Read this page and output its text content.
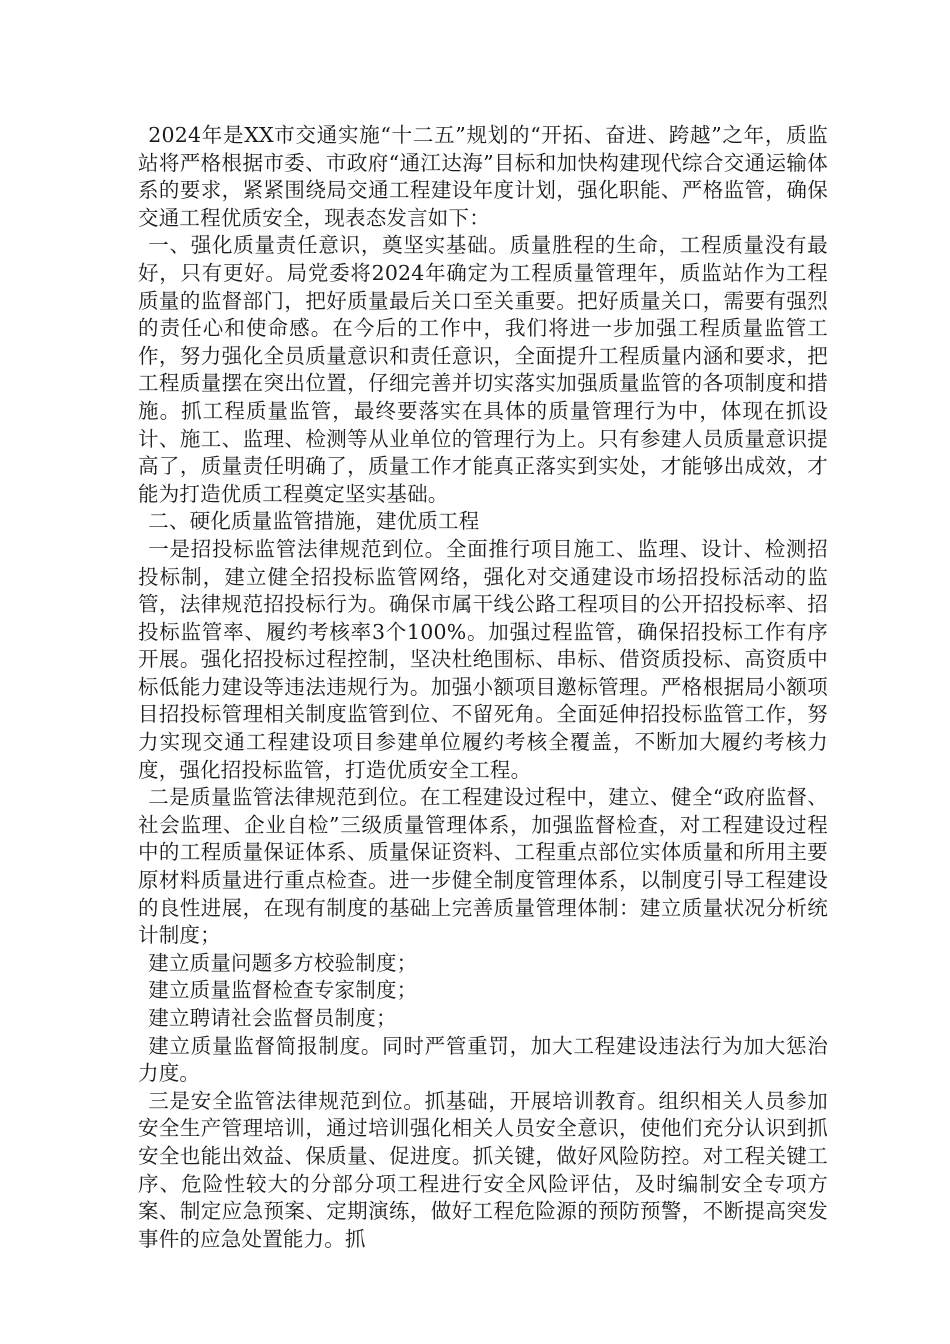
2024年是XX市交通实施“十二五”规划的“开拓、奋进、跨越”之年，质监站将严格根据市委、市政府“通江达海”目标和加快构建现代综合交通运输体系的要求，紧紧围绕局交通工程建设年度计划，强化职能、严格监管，确保交通工程优质安全，现表态发言如下：

一、强化质量责任意识，奠坚实基础。质量胜程的生命，工程质量没有最好，只有更好。局党委将2024年确定为工程质量管理年，质监站作为工程质量的监督部门，把好质量最后关口至关重要。把好质量关口，需要有强烈的责任心和使命感。在今后的工作中，我们将进一步加强工程质量监管工作，努力强化全员质量意识和责任意识，全面提升工程质量内涵和要求，把工程质量摆在突出位置，仔细完善并切实落实加强质量监管的各项制度和措施。抓工程质量监管，最终要落实在具体的质量管理行为中，体现在抓设计、施工、监理、检测等从业单位的管理行为上。只有参建人员质量意识提高了，质量责任明确了，质量工作才能真正落实到实处，才能够出成效，才能为打造优质工程奠定坚实基础。

二、硬化质量监管措施，建优质工程

一是招投标监管法律规范到位。全面推行项目施工、监理、设计、检测招投标制，建立健全招投标监管网络，强化对交通建设市场招投标活动的监管，法律规范招投标行为。确保市属干线公路工程项目的公开招投标率、招投标监管率、履约考核率3个100%。加强过程监管，确保招投标工作有序开展。强化招投标过程控制，坚决杜绝围标、串标、借资质投标、高资质中标低能力建设等违法违规行为。加强小额项目邀标管理。严格根据局小额项目招投标管理相关制度监管到位、不留死角。全面延伸招投标监管工作，努力实现交通工程建设项目参建单位履约考核全覆盖，不断加大履约考核力度，强化招投标监管，打造优质安全工程。

二是质量监管法律规范到位。在工程建设过程中，建立、健全“政府监督、社会监理、企业自检”三级质量管理体系，加强监督检查，对工程建设过程中的工程质量保证体系、质量保证资料、工程重点部位实体质量和所用主要原材料质量进行重点检查。进一步健全制度管理体系，以制度引导工程建设的良性进展，在现有制度的基础上完善质量管理体制：建立质量状况分析统计制度；

建立质量问题多方校验制度；

建立质量监督检查专家制度；

建立聘请社会监督员制度；

建立质量监督简报制度。同时严管重罚，加大工程建设违法行为加大惩治力度。

三是安全监管法律规范到位。抓基础，开展培训教育。组织相关人员参加安全生产管理培训，通过培训强化相关人员安全意识，使他们充分认识到抓安全也能出效益、保质量、促进度。抓关键，做好风险防控。对工程关键工序、危险性较大的分部分项工程进行安全风险评估，及时编制安全专项方案、制定应急预案、定期演练，做好工程危险源的预防预警，不断提高突发事件的应急处置能力。抓
